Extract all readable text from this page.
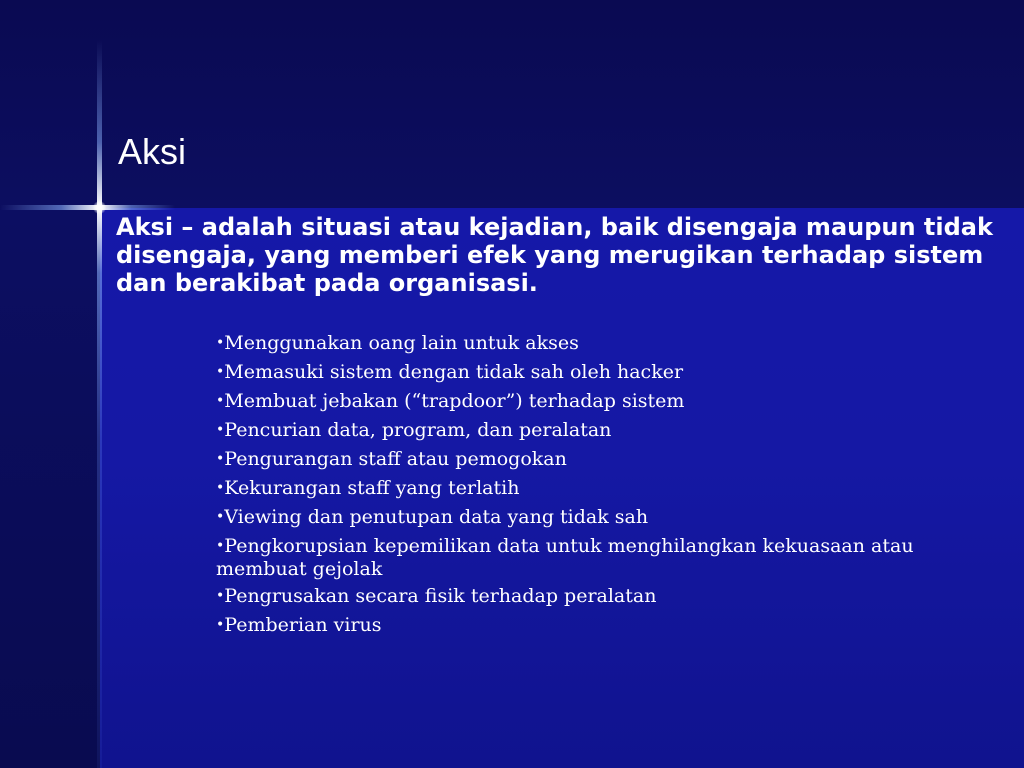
Aksi

Aksi – adalah situasi atau kejadian, baik disengaja maupun tidak disengaja, yang memberi efek yang merugikan terhadap sistem dan berakibat pada organisasi.

•Menggunakan oang lain untuk akses
•Memasuki sistem dengan tidak sah oleh hacker
•Membuat jebakan (“trapdoor”) terhadap sistem
•Pencurian data, program, dan peralatan
•Pengurangan staff atau pemogokan
•Kekurangan staff yang terlatih
•Viewing dan penutupan data yang tidak sah
•Pengkorupsian kepemilikan data untuk menghilangkan kekuasaan atau membuat gejolak
•Pengrusakan secara fisik terhadap peralatan
•Pemberian virus
